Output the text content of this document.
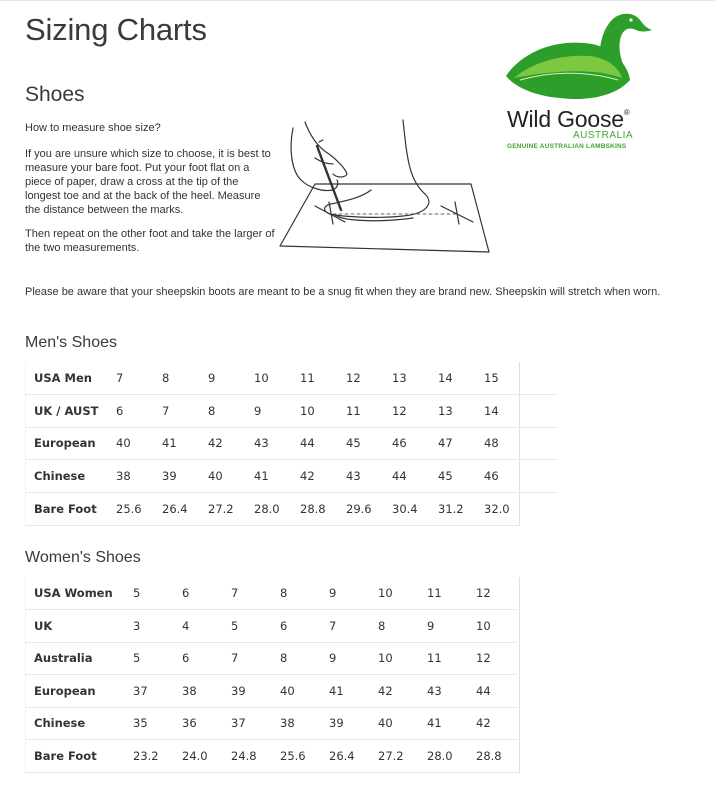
Sizing Charts
Shoes

How to measure shoe size?

If you are unsure which size to choose, it is best to measure your bare foot. Put your foot flat on a piece of paper, draw a cross at the tip of the longest toe and at the back of the heel. Measure the distance between the marks.

Then repeat on the other foot and take the larger of the two measurements.

Wild Goose®

AUSTRALIA

GENUINE AUSTRALIAN LAMBSKINS

Please be aware that your sheepskin boots are meant to be a snug fit when they are brand new. Sheepskin will stretch when worn.

Men's Shoes
USA Men	7	8	9	10	11	12	13	14	15
UK / AUST	6	7	8	9	10	11	12	13	14
European	40	41	42	43	44	45	46	47	48
Chinese	38	39	40	41	42	43	44	45	46
Bare Foot	25.6	26.4	27.2	28.0	28.8	29.6	30.4	31.2	32.0
Women's Shoes
USA Women	5	6	7	8	9	10	11	12
UK	3	4	5	6	7	8	9	10
Australia	5	6	7	8	9	10	11	12
European	37	38	39	40	41	42	43	44
Chinese	35	36	37	38	39	40	41	42
Bare Foot	23.2	24.0	24.8	25.6	26.4	27.2	28.0	28.8
